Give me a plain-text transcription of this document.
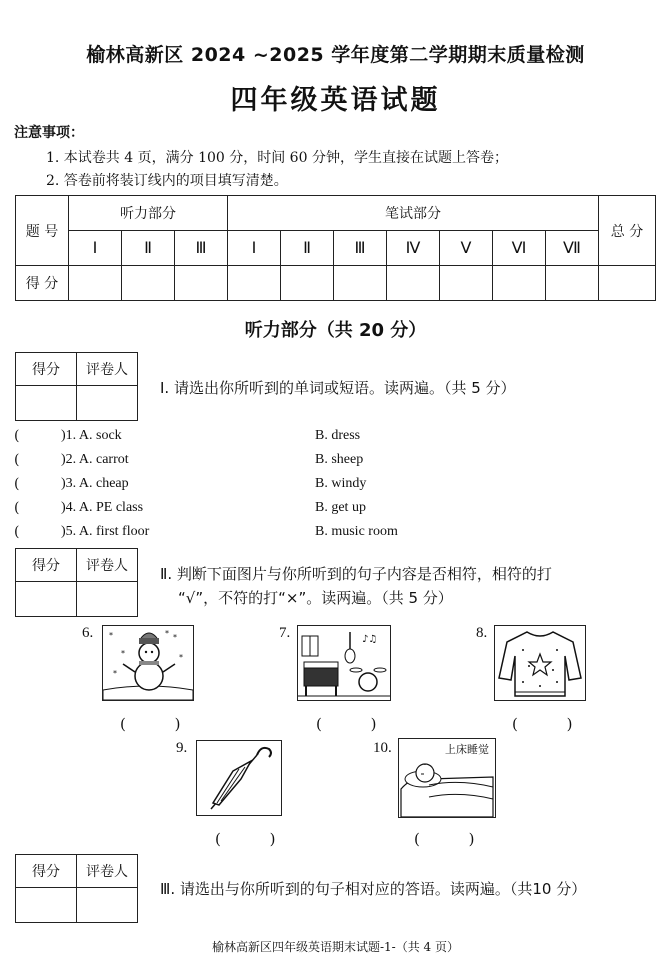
榆林高新区 2024 ~2025 学年度第二学期期末质量检测
四年级英语试题
注意事项：
1. 本试卷共 4 页，满分 100 分，时间 60 分钟，学生直接在试题上答卷；
2. 答卷前将装订线内的项目填写清楚。
题 号	听力部分			笔试部分							总 分
	Ⅰ	Ⅱ	Ⅲ	Ⅰ	Ⅱ	Ⅲ	Ⅳ	Ⅴ	Ⅵ	Ⅶ	
得 分											
听力部分（共 20 分）
得分	评卷人

Ⅰ. 请选出你所听到的单词或短语。读两遍。（共 5 分）
(	)1. A. sock	B. dress
(	)2. A. carrot	B. sheep
(	)3. A. cheap	B. windy
(	)4. A. PE class	B. get up
(	)5. A. first floor	B. music room
得分	评卷人
	Ⅱ. 判断下面图片与你所听到的句子内容是否相符，相符的打
“√”，不符的打“×”。读两遍。（共 5 分）
6. *	*
*	*
*
*
( )
7.	♪♫
( )
8.
( )
9.
( )
10.	上床睡觉
( )
得分	评卷人

Ⅲ. 请选出与你所听到的句子相对应的答语。读两遍。（共10 分）
榆林高新区四年级英语期末试题-1-（共 4 页）
